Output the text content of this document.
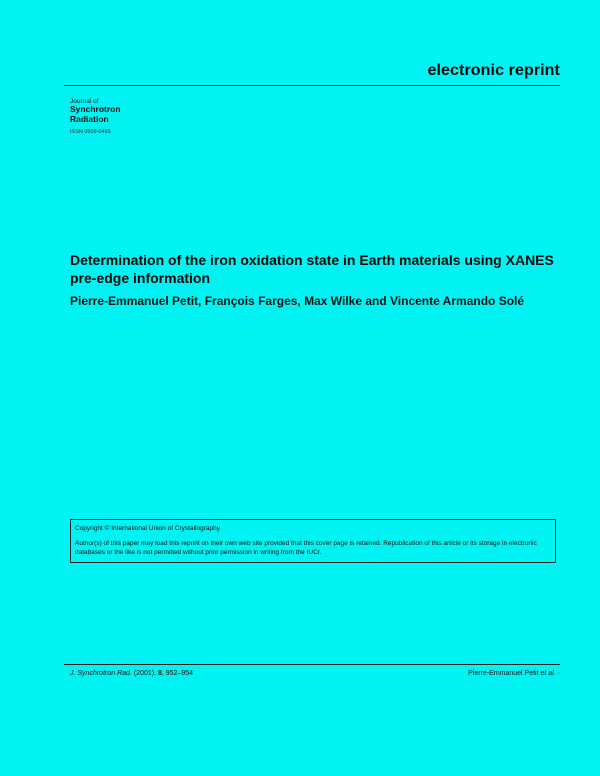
electronic reprint
Journal of
Synchrotron
Radiation
ISSN 0909-0495
Determination of the iron oxidation state in Earth materials using XANES pre-edge information
Pierre-Emmanuel Petit, François Farges, Max Wilke and Vincente Armando Solé
Copyright © International Union of Crystallography
Author(s) of this paper may load this reprint on their own web site provided that this cover page is retained. Republication of this article or its storage in electronic databases or the like is not permitted without prior permission in writing from the IUCr.
J. Synchrotron Rad. (2001). 8, 952–954	Pierre-Emmanuel Petit et al. ·
